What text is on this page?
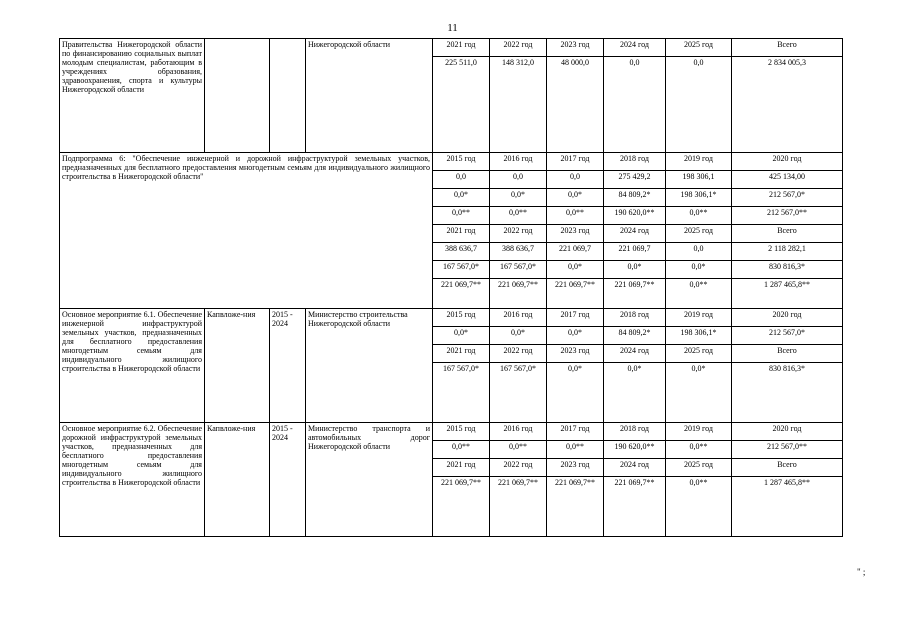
11
Правительства Нижегородской области по финансированию социальных выплат молодым специалистам, работающим в учреждениях образования, здравоохранения, спорта и культуры Нижегородской области			Нижегородской области	2021 год	2022 год	2023 год	2024 год	2025 год	Всего
				225 511,0	148 312,0	48 000,0	0,0	0,0	2 834 005,3
Подпрограмма 6: "Обеспечение инженерной и дорожной инфраструктурой земельных участков, предназначенных для бесплатного предоставления многодетным семьям для индивидуального жилищного строительства в Нижегородской области"				2015 год	2016 год	2017 год	2018 год	2019 год	2020 год
				0,0	0,0	0,0	275 429,2	198 306,1	425 134,00
				0,0*	0,0*	0,0*	84 809,2*	198 306,1*	212 567,0*
				0,0**	0,0**	0,0**	190 620,0**	0,0**	212 567,0**
				2021 год	2022 год	2023 год	2024 год	2025 год	Всего
				388 636,7	388 636,7	221 069,7	221 069,7	0,0	2 118 282,1
				167 567,0*	167 567,0*	0,0*	0,0*	0,0*	830 816,3*
				221 069,7**	221 069,7**	221 069,7**	221 069,7**	0,0**	1 287 465,8**
Основное мероприятие 6.1. Обеспечение инженерной инфраструктурой земельных участков, предназначенных для бесплатного предоставления многодетным семьям для индивидуального жилищного строительства в Нижегородской области	Капвложе-ния	2015 - 2024	Министерство строительства Нижегородской области	2015 год	2016 год	2017 год	2018 год	2019 год	2020 год
				0,0*	0,0*	0,0*	84 809,2*	198 306,1*	212 567,0*
				2021 год	2022 год	2023 год	2024 год	2025 год	Всего
				167 567,0*	167 567,0*	0,0*	0,0*	0,0*	830 816,3*
Основное мероприятие 6.2. Обеспечение дорожной инфраструктурой земельных участков, предназначенных для бесплатного предоставления многодетным семьям для индивидуального жилищного строительства в Нижегородской области	Капвложе-ния	2015 - 2024	Министерство транспорта и автомобильных дорог Нижегородской области	2015 год	2016 год	2017 год	2018 год	2019 год	2020 год
				0,0**	0,0**	0,0**	190 620,0**	0,0**	212 567,0**
				2021 год	2022 год	2023 год	2024 год	2025 год	Всего
				221 069,7**	221 069,7**	221 069,7**	221 069,7**	0,0**	1 287 465,8**
" ;
